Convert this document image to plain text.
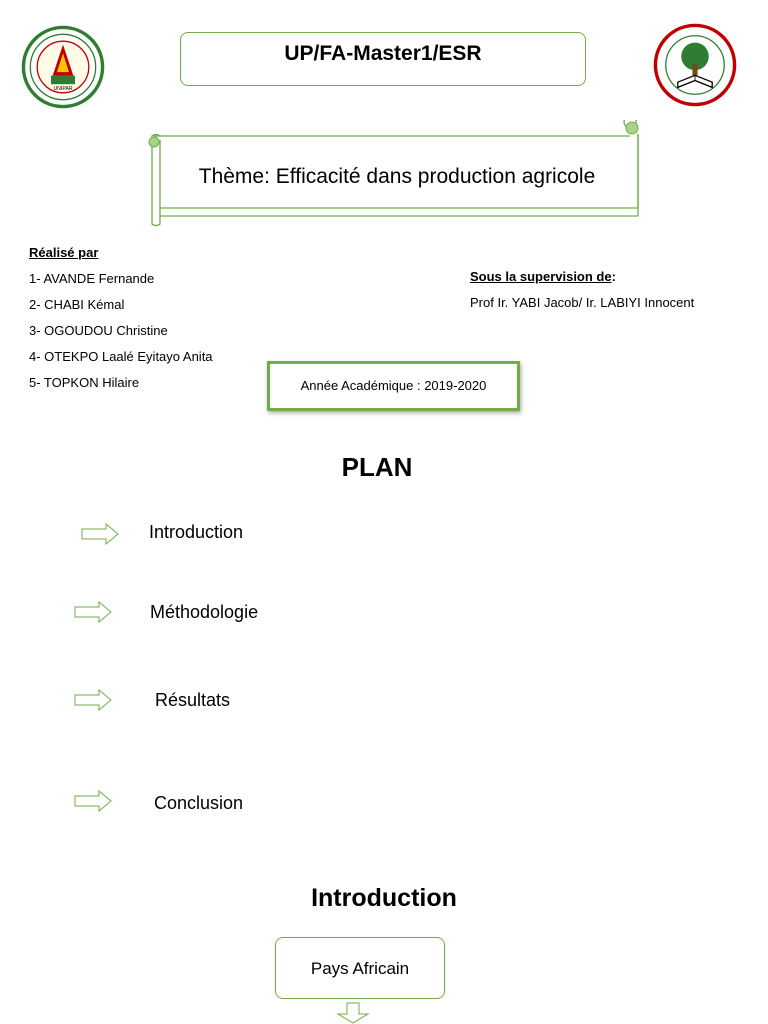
UNIPAR
UP/FA-Master1/ESR
Thème: Efficacité dans production agricole
Réalisé par
1- AVANDE Fernande
2- CHABI Kémal
3- OGOUDOU Christine
4- OTEKPO Laalé Eyitayo Anita
5- TOPKON Hilaire
Sous la supervision de:
Prof Ir. YABI Jacob/ Ir. LABIYI Innocent
Année Académique : 2019-2020
PLAN
Introduction
Méthodologie
Résultats
Conclusion
Introduction
Pays Africain
